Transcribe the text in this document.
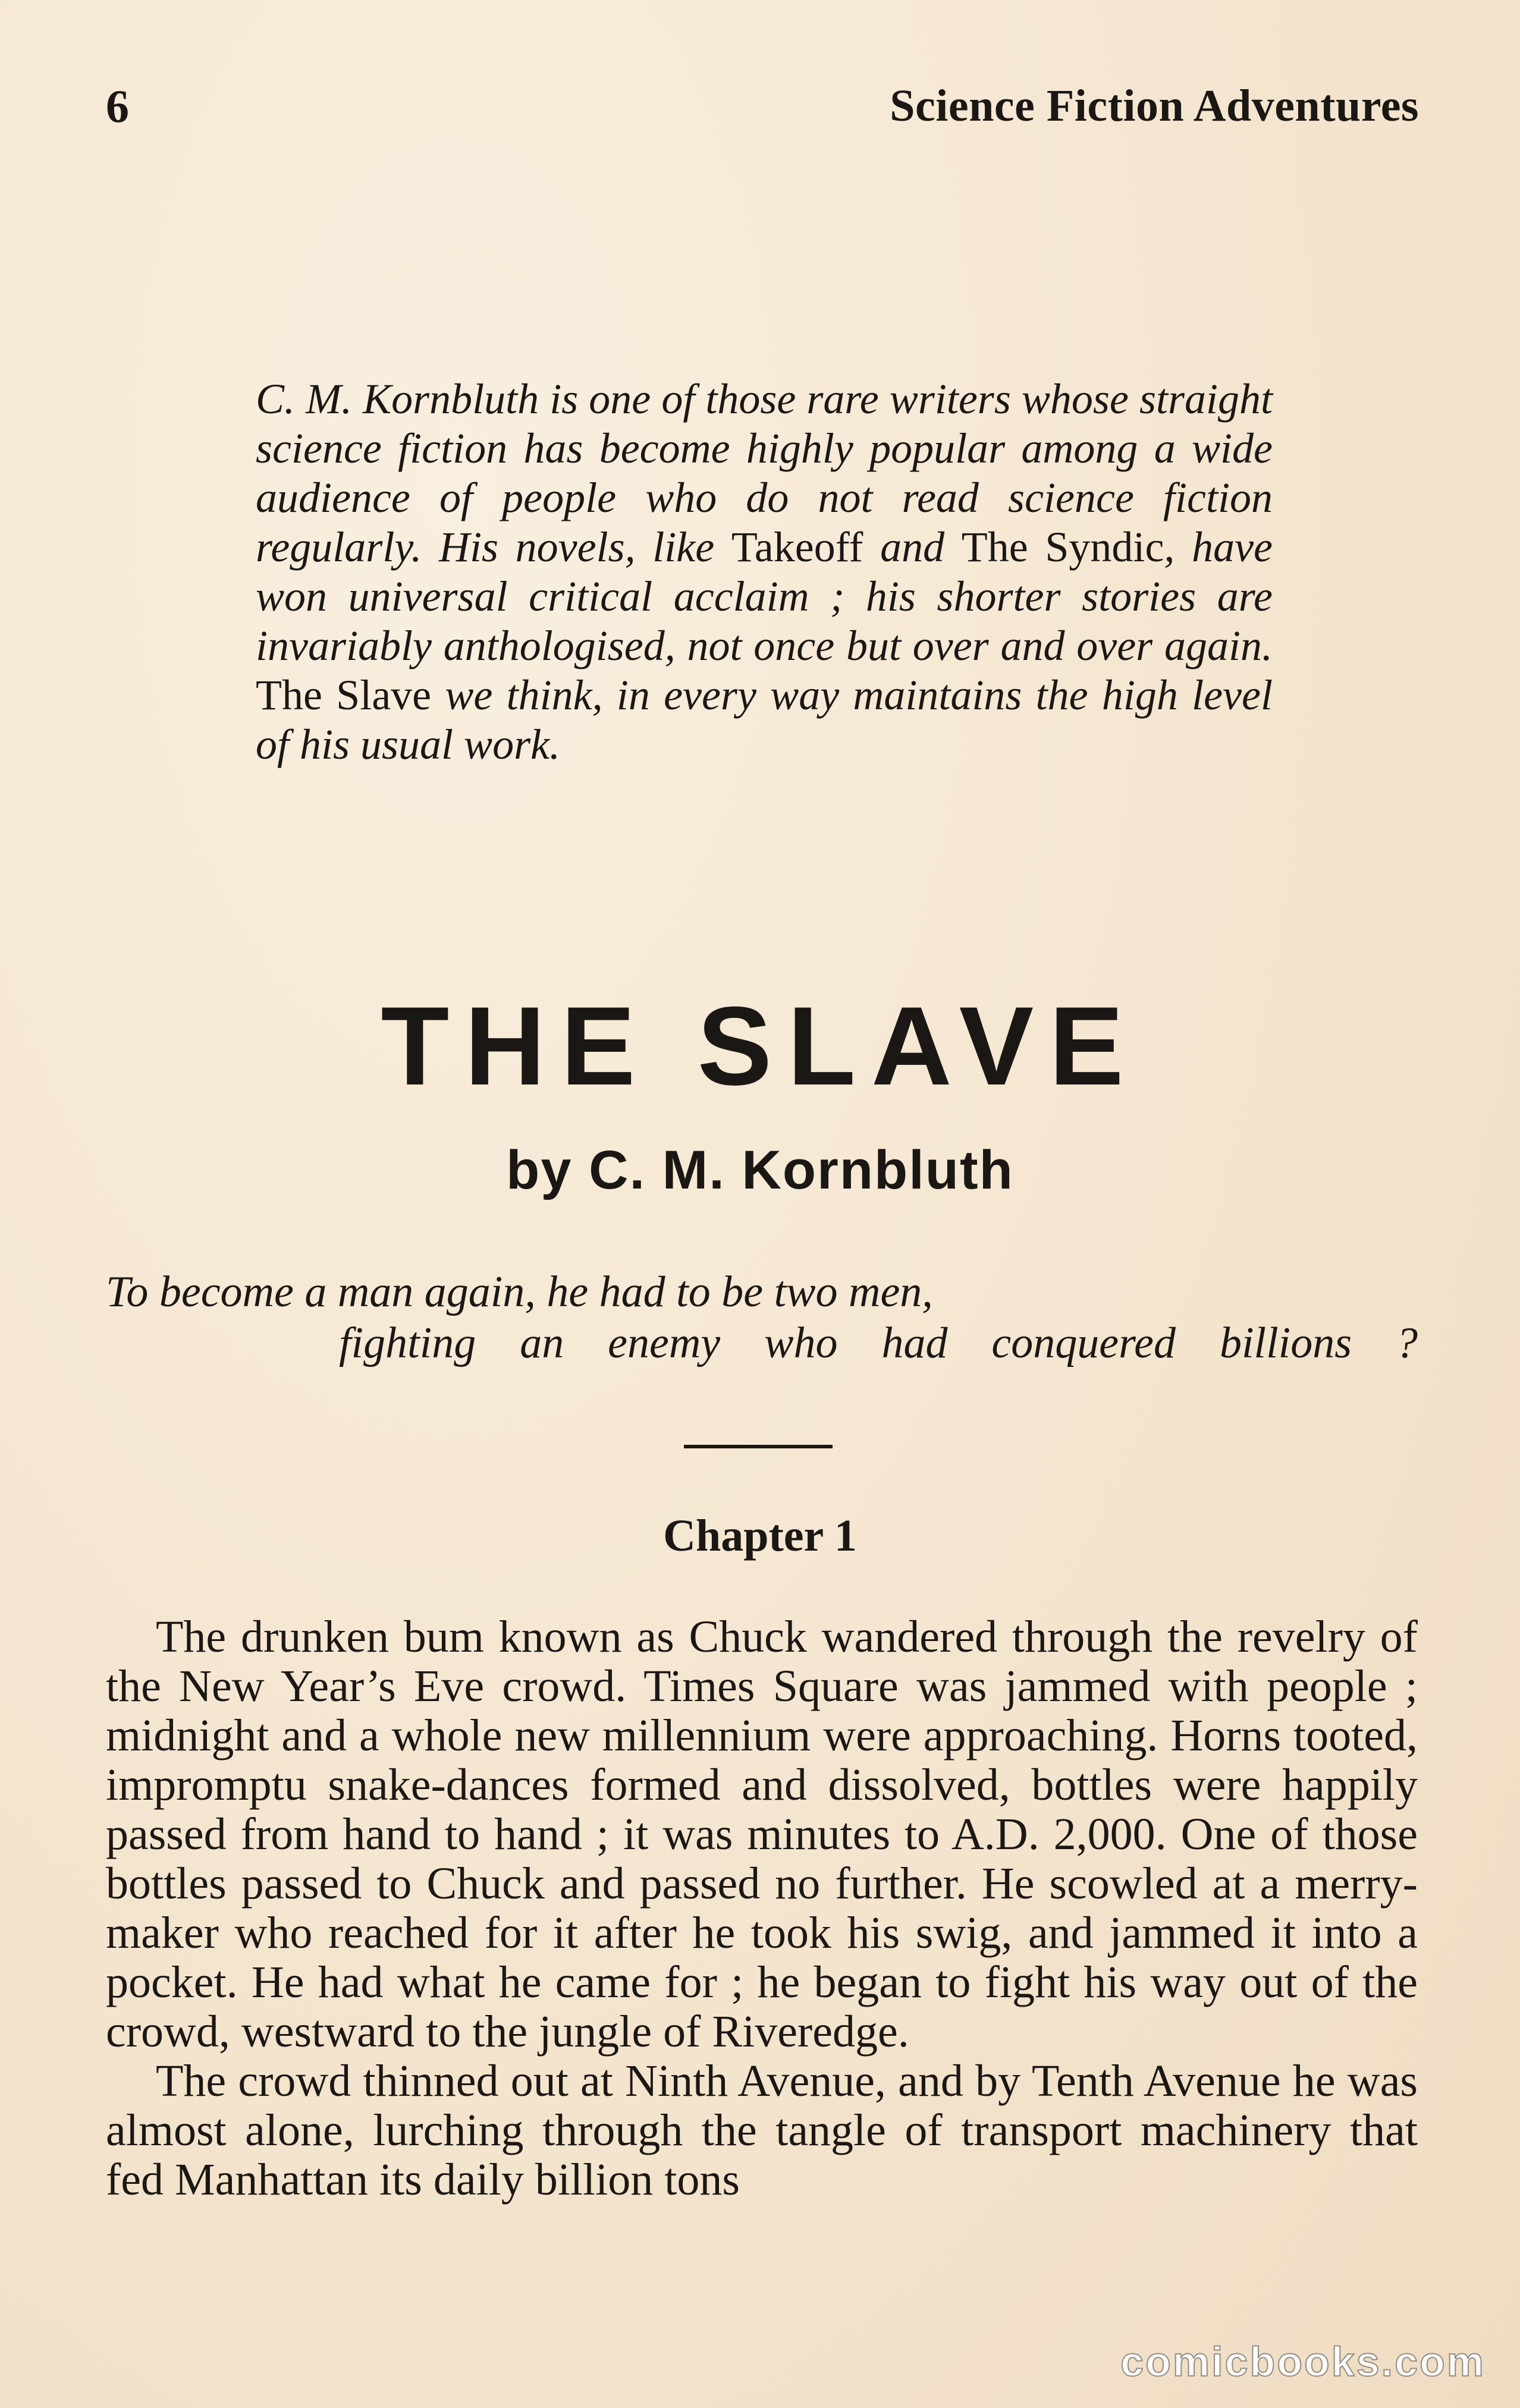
6	Science Fiction Adventures
C. M. Kornbluth is one of those rare writers whose straight science fiction has become highly popular among a wide audience of people who do not read science fiction regularly. His novels, like Takeoff and The Syndic, have won universal critical acclaim ; his shorter stories are invariably anthologised, not once but over and over again. The Slave we think, in every way maintains the high level of his usual work.
THE SLAVE
by C. M. Kornbluth
To become a man again, he had to be two men,
fighting an enemy who had conquered billions ?
Chapter 1

The drunken bum known as Chuck wandered through the revelry of the New Year’s Eve crowd. Times Square was jammed with people ; midnight and a whole new millennium were approaching. Horns tooted, impromptu snake-dances formed and dissolved, bottles were happily passed from hand to hand ; it was minutes to A.D. 2,000. One of those bottles passed to Chuck and passed no further. He scowled at a merry-maker who reached for it after he took his swig, and jammed it into a pocket. He had what he came for ; he began to fight his way out of the crowd, westward to the jungle of Riveredge.

The crowd thinned out at Ninth Avenue, and by Tenth Avenue he was almost alone, lurching through the tangle of transport machinery that fed Manhattan its daily billion tons

comicbooks.com
